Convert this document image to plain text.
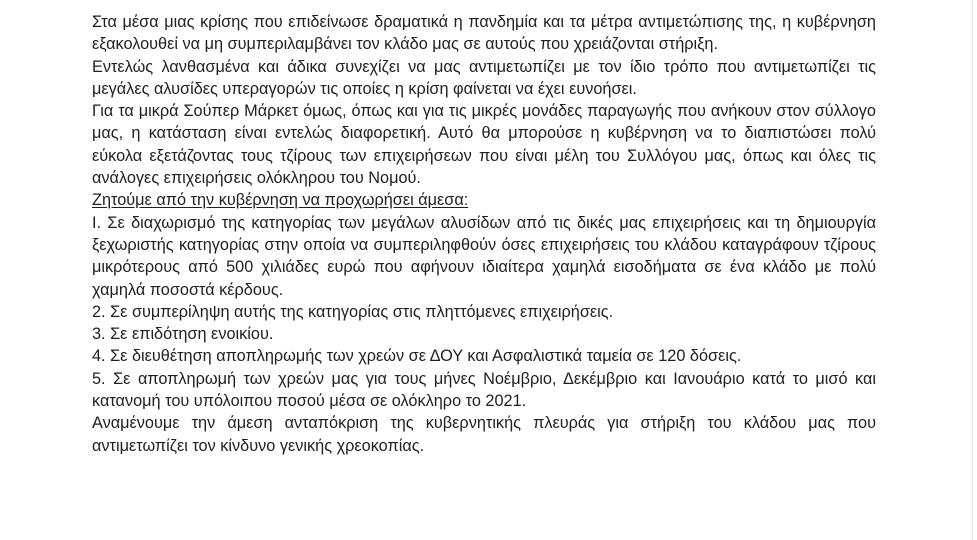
Στα μέσα μιας κρίσης που επιδείνωσε δραματικά η πανδημία και τα μέτρα αντιμετώπισης της, η κυβέρνηση εξακολουθεί να μη συμπεριλαμβάνει τον κλάδο μας σε αυτούς που χρειάζονται στήριξη.

Εντελώς λανθασμένα και άδικα συνεχίζει να μας αντιμετωπίζει με τον ίδιο τρόπο που αντιμετωπίζει τις μεγάλες αλυσίδες υπεραγορών τις οποίες η κρίση φαίνεται να έχει ευνοήσει.

Για τα μικρά Σούπερ Μάρκετ όμως, όπως και για τις μικρές μονάδες παραγωγής που ανήκουν στον σύλλογο μας, η κατάσταση είναι εντελώς διαφορετική. Αυτό θα μπορούσε η κυβέρνηση να το διαπιστώσει πολύ εύκολα εξετάζοντας τους τζίρους των επιχειρήσεων που είναι μέλη του Συλλόγου μας, όπως και όλες τις ανάλογες επιχειρήσεις ολόκληρου του Νομού.

Ζητούμε από την κυβέρνηση να προχωρήσει άμεσα:

I. Σε διαχωρισμό της κατηγορίας των μεγάλων αλυσίδων από τις δικές μας επιχειρήσεις και τη δημιουργία ξεχωριστής κατηγορίας στην οποία να συμπεριληφθούν όσες επιχειρήσεις του κλάδου καταγράφουν τζίρους μικρότερους από 500 χιλιάδες ευρώ που αφήνουν ιδιαίτερα χαμηλά εισοδήματα σε ένα κλάδο με πολύ χαμηλά ποσοστά κέρδους.

2. Σε συμπερίληψη αυτής της κατηγορίας στις πληττόμενες επιχειρήσεις.

3. Σε επιδότηση ενοικίου.

4. Σε διευθέτηση αποπληρωμής των χρεών σε ΔΟΥ και Ασφαλιστικά ταμεία σε 120 δόσεις.

5. Σε αποπληρωμή των χρεών μας για τους μήνες Νοέμβριο, Δεκέμβριο και Ιανουάριο κατά το μισό και κατανομή του υπόλοιπου ποσού μέσα σε ολόκληρο το 2021.

Αναμένουμε την άμεση ανταπόκριση της κυβερνητικής πλευράς για στήριξη του κλάδου μας που αντιμετωπίζει τον κίνδυνο γενικής χρεοκοπίας.
